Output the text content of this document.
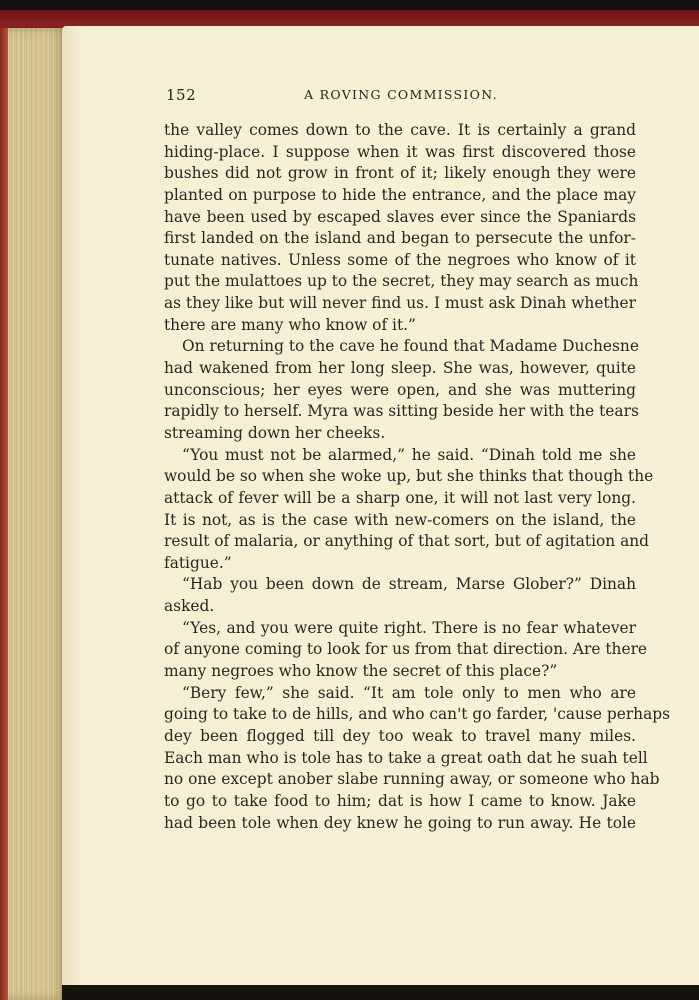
152	A ROVING COMMISSION.
the valley comes down to the cave. It is certainly a grand
hiding-place. I suppose when it was first discovered those
bushes did not grow in front of it; likely enough they were
planted on purpose to hide the entrance, and the place may
have been used by escaped slaves ever since the Spaniards
first landed on the island and began to persecute the unfor-
tunate natives. Unless some of the negroes who know of it
put the mulattoes up to the secret, they may search as much
as they like but will never find us. I must ask Dinah whether
there are many who know of it.”
On returning to the cave he found that Madame Duchesne
had wakened from her long sleep. She was, however, quite
unconscious; her eyes were open, and she was muttering
rapidly to herself. Myra was sitting beside her with the tears
streaming down her cheeks.
“You must not be alarmed,” he said. “Dinah told me she
would be so when she woke up, but she thinks that though the
attack of fever will be a sharp one, it will not last very long.
It is not, as is the case with new-comers on the island, the
result of malaria, or anything of that sort, but of agitation and
fatigue.”
“Hab you been down de stream, Marse Glober?” Dinah
asked.
“Yes, and you were quite right. There is no fear whatever
of anyone coming to look for us from that direction. Are there
many negroes who know the secret of this place?”
“Bery few,” she said. “It am tole only to men who are
going to take to de hills, and who can't go farder, 'cause perhaps
dey been flogged till dey too weak to travel many miles.
Each man who is tole has to take a great oath dat he suah tell
no one except anober slabe running away, or someone who hab
to go to take food to him; dat is how I came to know. Jake
had been tole when dey knew he going to run away. He tole
